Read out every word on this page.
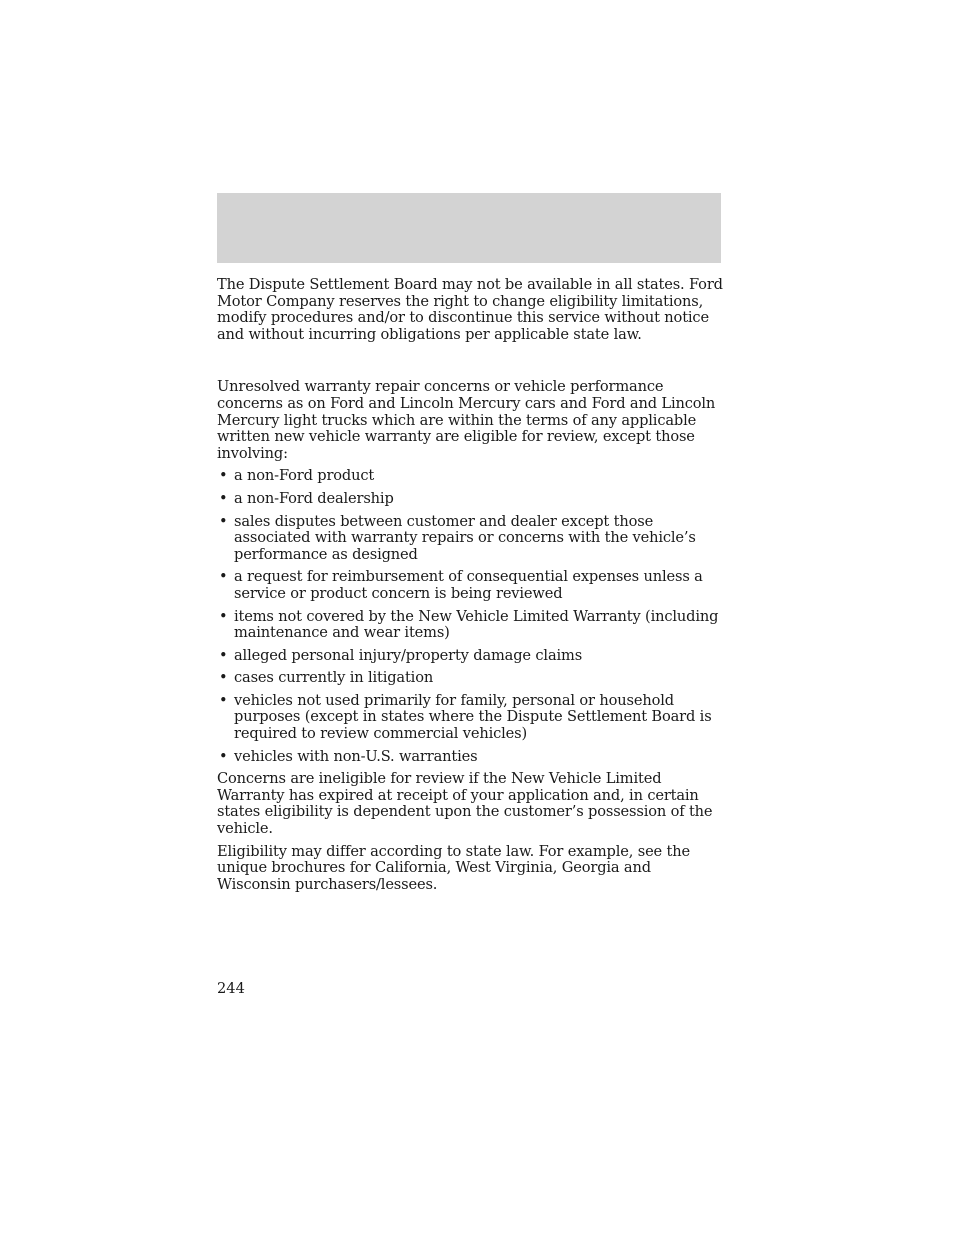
The Dispute Settlement Board may not be available in all states. Ford Motor Company reserves the right to change eligibility limitations, modify procedures and/or to discontinue this service without notice and without incurring obligations per applicable state law.

Unresolved warranty repair concerns or vehicle performance concerns as on Ford and Lincoln Mercury cars and Ford and Lincoln Mercury light trucks which are within the terms of any applicable written new vehicle warranty are eligible for review, except those involving:

• a non-Ford product
• a non-Ford dealership
• sales disputes between customer and dealer except those associated with warranty repairs or concerns with the vehicle’s performance as designed
• a request for reimbursement of consequential expenses unless a service or product concern is being reviewed
• items not covered by the New Vehicle Limited Warranty (including maintenance and wear items)
• alleged personal injury/property damage claims
• cases currently in litigation
• vehicles not used primarily for family, personal or household purposes (except in states where the Dispute Settlement Board is required to review commercial vehicles)
• vehicles with non-U.S. warranties

Concerns are ineligible for review if the New Vehicle Limited Warranty has expired at receipt of your application and, in certain states eligibility is dependent upon the customer’s possession of the vehicle.

Eligibility may differ according to state law. For example, see the unique brochures for California, West Virginia, Georgia and Wisconsin purchasers/lessees.

244
